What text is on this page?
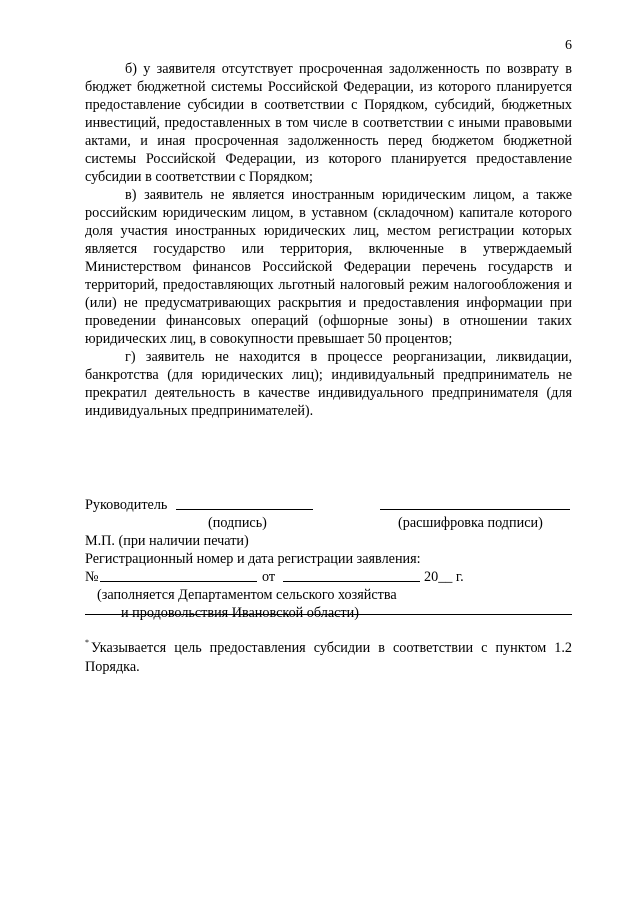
6

б) у заявителя отсутствует просроченная задолженность по возврату в бюджет бюджетной системы Российской Федерации, из которого планируется предоставление субсидии в соответствии с Порядком, субсидий, бюджетных инвестиций, предоставленных в том числе в соответствии с иными правовыми актами, и иная просроченная задолженность перед бюджетом бюджетной системы Российской Федерации, из которого планируется предоставление субсидии в соответствии с Порядком;

в) заявитель не является иностранным юридическим лицом, а также российским юридическим лицом, в уставном (складочном) капитале которого доля участия иностранных юридических лиц, местом регистрации которых является государство или территория, включенные в утверждаемый Министерством финансов Российской Федерации перечень государств и территорий, предоставляющих льготный налоговый режим налогообложения и (или) не предусматривающих раскрытия и предоставления информации при проведении финансовых операций (офшорные зоны) в отношении таких юридических лиц, в совокупности превышает 50 процентов;

г) заявитель не находится в процессе реорганизации, ликвидации, банкротства (для юридических лиц); индивидуальный предприниматель не прекратил деятельность в качестве индивидуального предпринимателя (для индивидуальных предпринимателей).

Руководитель
(подпись)	(расшифровка подписи)
М.П. (при наличии печати)
Регистрационный номер и дата регистрации заявления:
№	от	20__ г.
(заполняется Департаментом сельского хозяйства
и продовольствия Ивановской области)
* Указывается цель предоставления субсидии в соответствии с пунктом 1.2 Порядка.
